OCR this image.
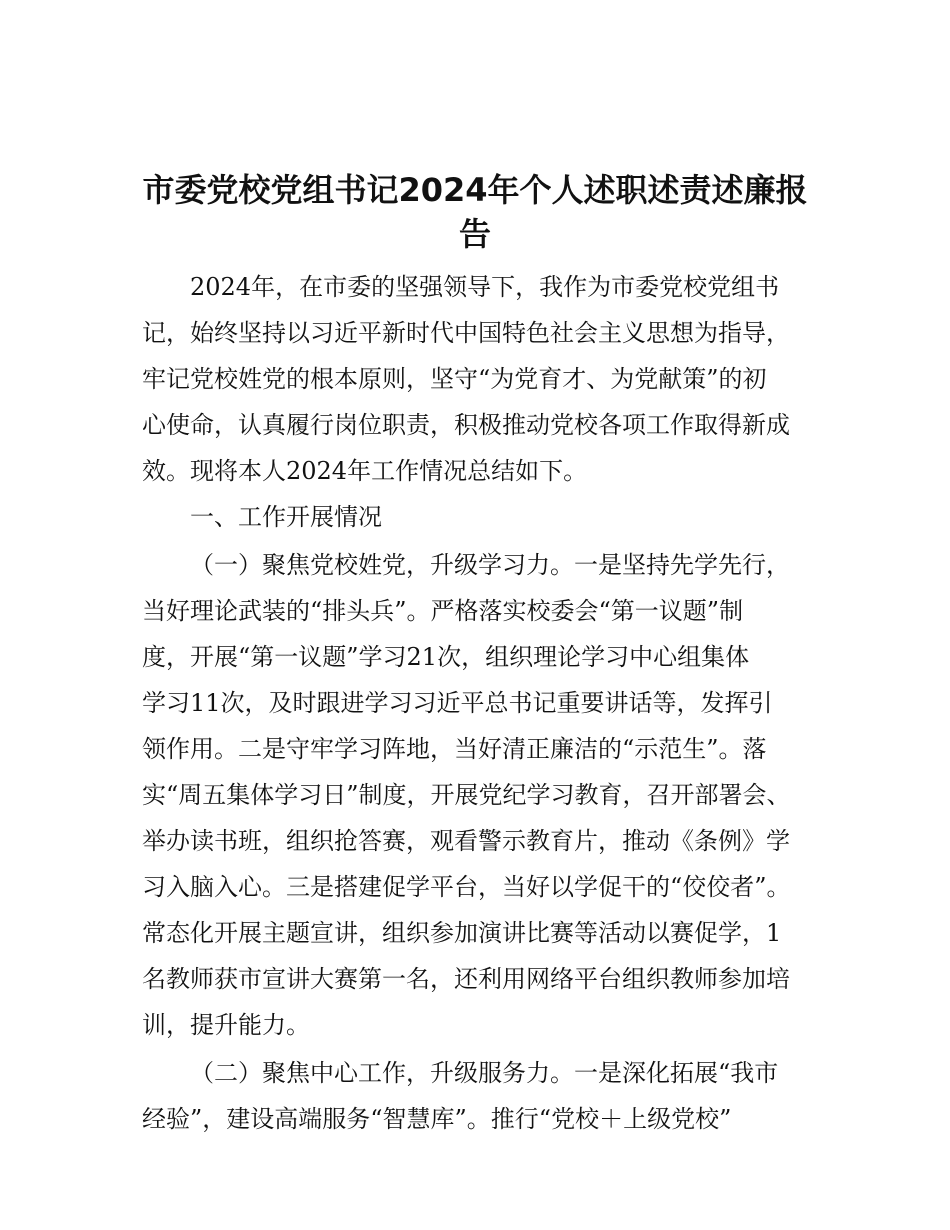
市委党校党组书记2024年个人述职述责述廉报
告

2024年，在市委的坚强领导下，我作为市委党校党组书

记，始终坚持以习近平新时代中国特色社会主义思想为指导，

牢记党校姓党的根本原则，坚守“为党育才、为党献策”的初

心使命，认真履行岗位职责，积极推动党校各项工作取得新成

效。现将本人2024年工作情况总结如下。

一、工作开展情况

（一）聚焦党校姓党，升级学习力。一是坚持先学先行，

当好理论武装的“排头兵”。严格落实校委会“第一议题”制

度，开展“第一议题”学习21次，组织理论学习中心组集体

学习11次，及时跟进学习习近平总书记重要讲话等，发挥引

领作用。二是守牢学习阵地，当好清正廉洁的“示范生”。落

实“周五集体学习日”制度，开展党纪学习教育，召开部署会、

举办读书班，组织抢答赛，观看警示教育片，推动《条例》学

习入脑入心。三是搭建促学平台，当好以学促干的“佼佼者”。

常态化开展主题宣讲，组织参加演讲比赛等活动以赛促学，1

名教师获市宣讲大赛第一名，还利用网络平台组织教师参加培

训，提升能力。

（二）聚焦中心工作，升级服务力。一是深化拓展“我市

经验”，建设高端服务“智慧库”。推行“党校＋上级党校”
